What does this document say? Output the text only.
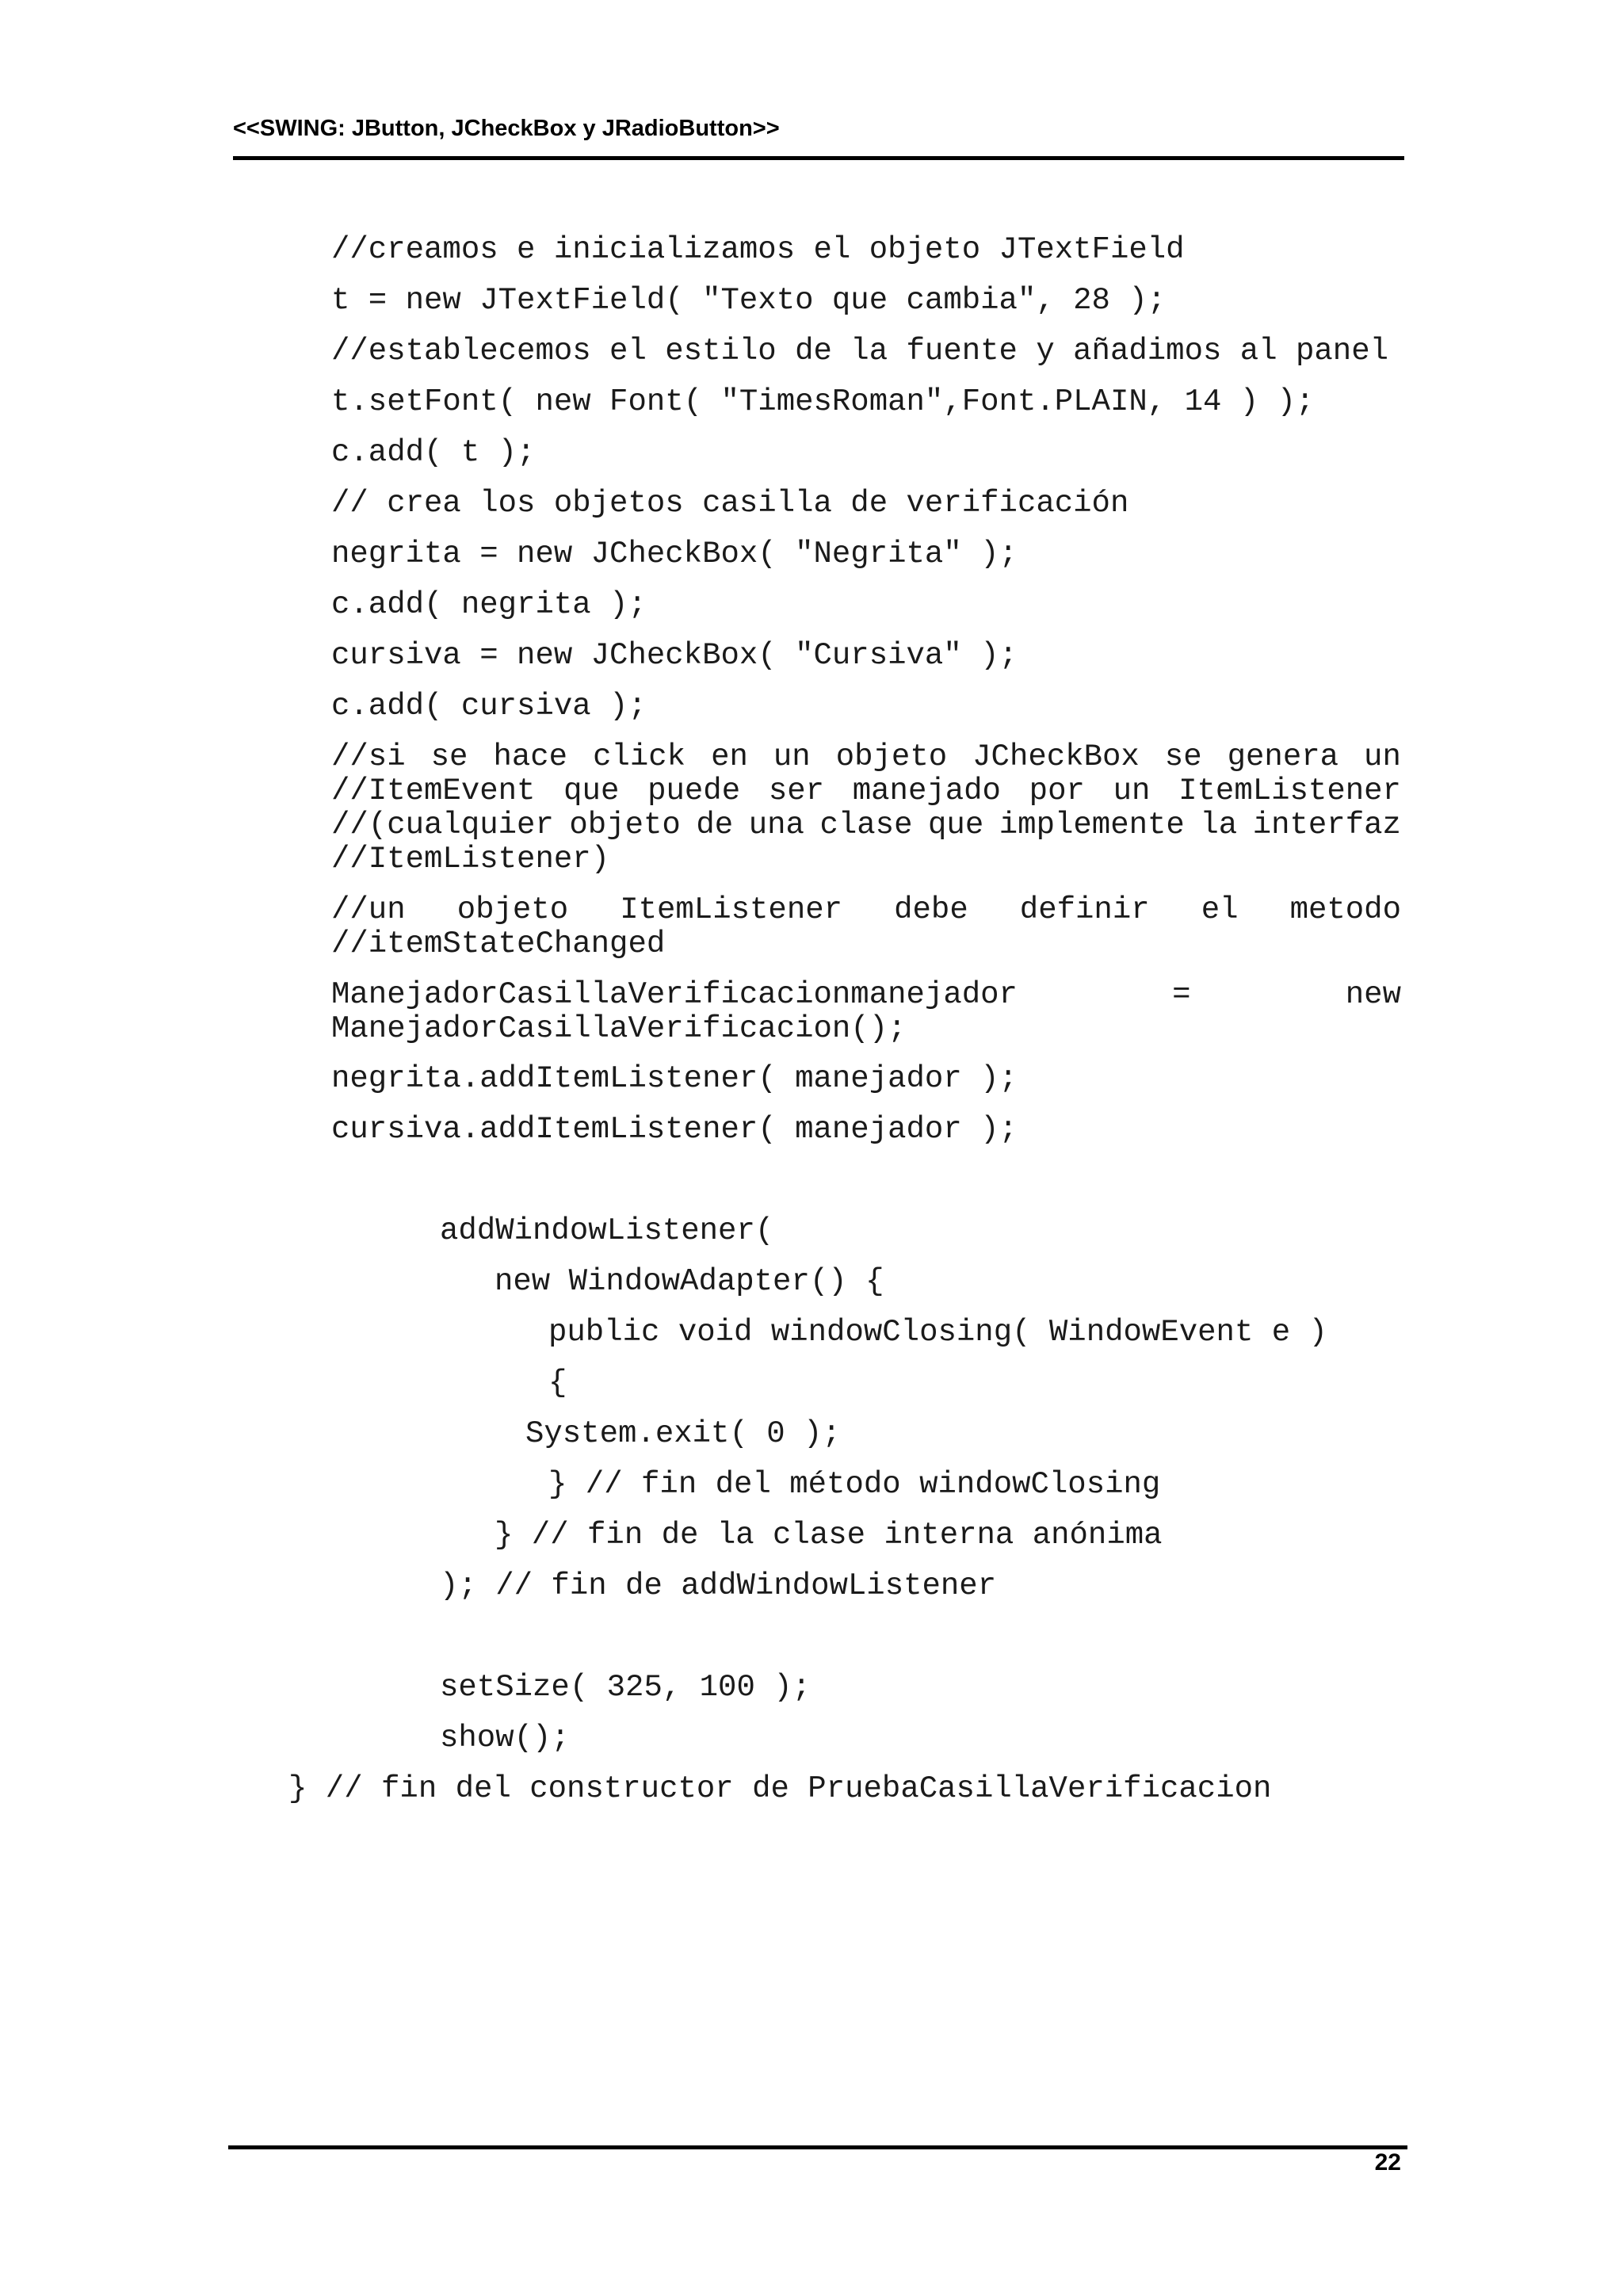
<<SWING: JButton, JCheckBox y JRadioButton>>
//creamos e inicializamos el objeto JTextField
t = new JTextField( "Texto que cambia", 28 );
//establecemos el estilo de la fuente y añadimos al panel
t.setFont( new Font( "TimesRoman",Font.PLAIN, 14 ) );
c.add( t );
// crea los objetos casilla de verificación
negrita = new JCheckBox( "Negrita" );
c.add( negrita );
cursiva = new JCheckBox( "Cursiva" );
c.add( cursiva );
//si se hace click en un objeto JCheckBox se genera un
//ItemEvent que puede ser manejado por un ItemListener
//(cualquier objeto de una clase que implemente la interfaz
//ItemListener)
//un objeto ItemListener debe definir el metodo
//itemStateChanged
ManejadorCasillaVerificacionmanejador	=	new
ManejadorCasillaVerificacion();
negrita.addItemListener( manejador );
cursiva.addItemListener( manejador );
addWindowListener(
new WindowAdapter() {
public void windowClosing( WindowEvent e )
{
System.exit( 0 );
} // fin del método windowClosing
} // fin de la clase interna anónima
); // fin de addWindowListener
setSize( 325, 100 );
show();
} // fin del constructor de PruebaCasillaVerificacion
22
